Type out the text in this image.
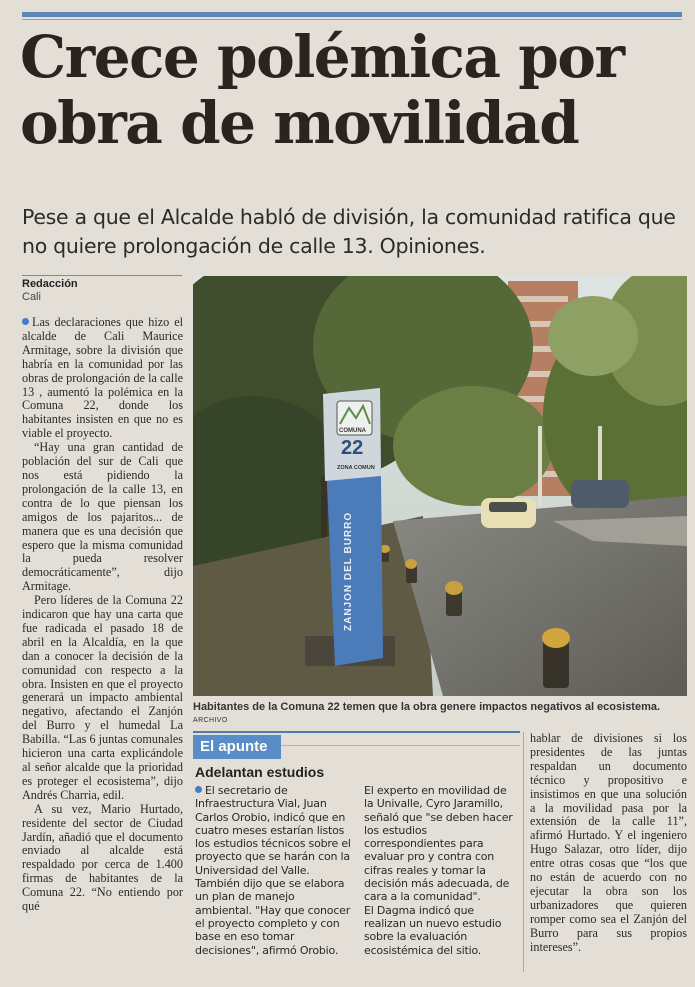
Crece polémica por obra de movilidad

Pese a que el Alcalde habló de división, la comunidad ratifica que no quiere prolongación de calle 13. Opiniones.

Redacción
Cali

Las declaraciones que hizo el alcalde de Cali Maurice Armitage, sobre la división que habría en la comunidad por las obras de prolongación de la calle 13 , aumentó la polémica en la Comuna 22, donde los habitantes insisten en que no es viable el proyecto.

“Hay una gran cantidad de población del sur de Cali que nos está pidiendo la prolongación de la calle 13, en contra de lo que piensan los amigos de los pajaritos... de manera que es una decisión que espero que la misma comunidad la pueda resolver democráticamente”, dijo Armitage.

Pero líderes de la Comuna 22 indicaron que hay una carta que fue radicada el pasado 18 de abril en la Alcaldía, en la que dan a conocer la decisión de la comunidad con respecto a la obra. Insisten en que el proyecto generará un impacto ambiental negativo, afectando el Zanjón del Burro y el humedal La Babilla. “Las 6 juntas comunales hicieron una carta explicándole al señor alcalde que la prioridad es proteger el ecosistema”, dijo Andrés Charria, edil.

A su vez, Mario Hurtado, residente del sector de Ciudad Jardín, añadió que el documento enviado al alcalde está respaldado por cerca de 1.400 firmas de habitantes de la Comuna 22. “No entiendo por qué

COMUNA
22
ZONA COMUN
ZANJON DEL BURRO
Habitantes de la Comuna 22 temen que la obra genere impactos negativos al ecosistema. ARCHIVO
El apunte
Adelantan estudios

El secretario de Infraestructura Vial, Juan Carlos Orobio, indicó que en cuatro meses estarían listos los estudios técnicos sobre el proyecto que se harán con la Universidad del Valle. También dijo que se elabora un plan de manejo ambiental. "Hay que conocer el proyecto completo y con base en eso tomar decisiones", afirmó Orobio.

El experto en movilidad de la Univalle, Cyro Jaramillo, señaló que "se deben hacer los estudios correspondientes para evaluar pro y contra con cifras reales y tomar la decisión más adecuada, de cara a la comunidad".

El Dagma indicó que realizan un nuevo estudio sobre la evaluación ecosistémica del sitio.

hablar de divisiones si los presidentes de las juntas respaldan un documento técnico y propositivo e insistimos en que una solución a la movilidad pasa por la extensión de la calle 11”, afirmó Hurtado. Y el ingeniero Hugo Salazar, otro líder, dijo entre otras cosas que “los que no están de acuerdo con no ejecutar la obra son los urbanizadores que quieren romper como sea el Zanjón del Burro para sus propios intereses”.
